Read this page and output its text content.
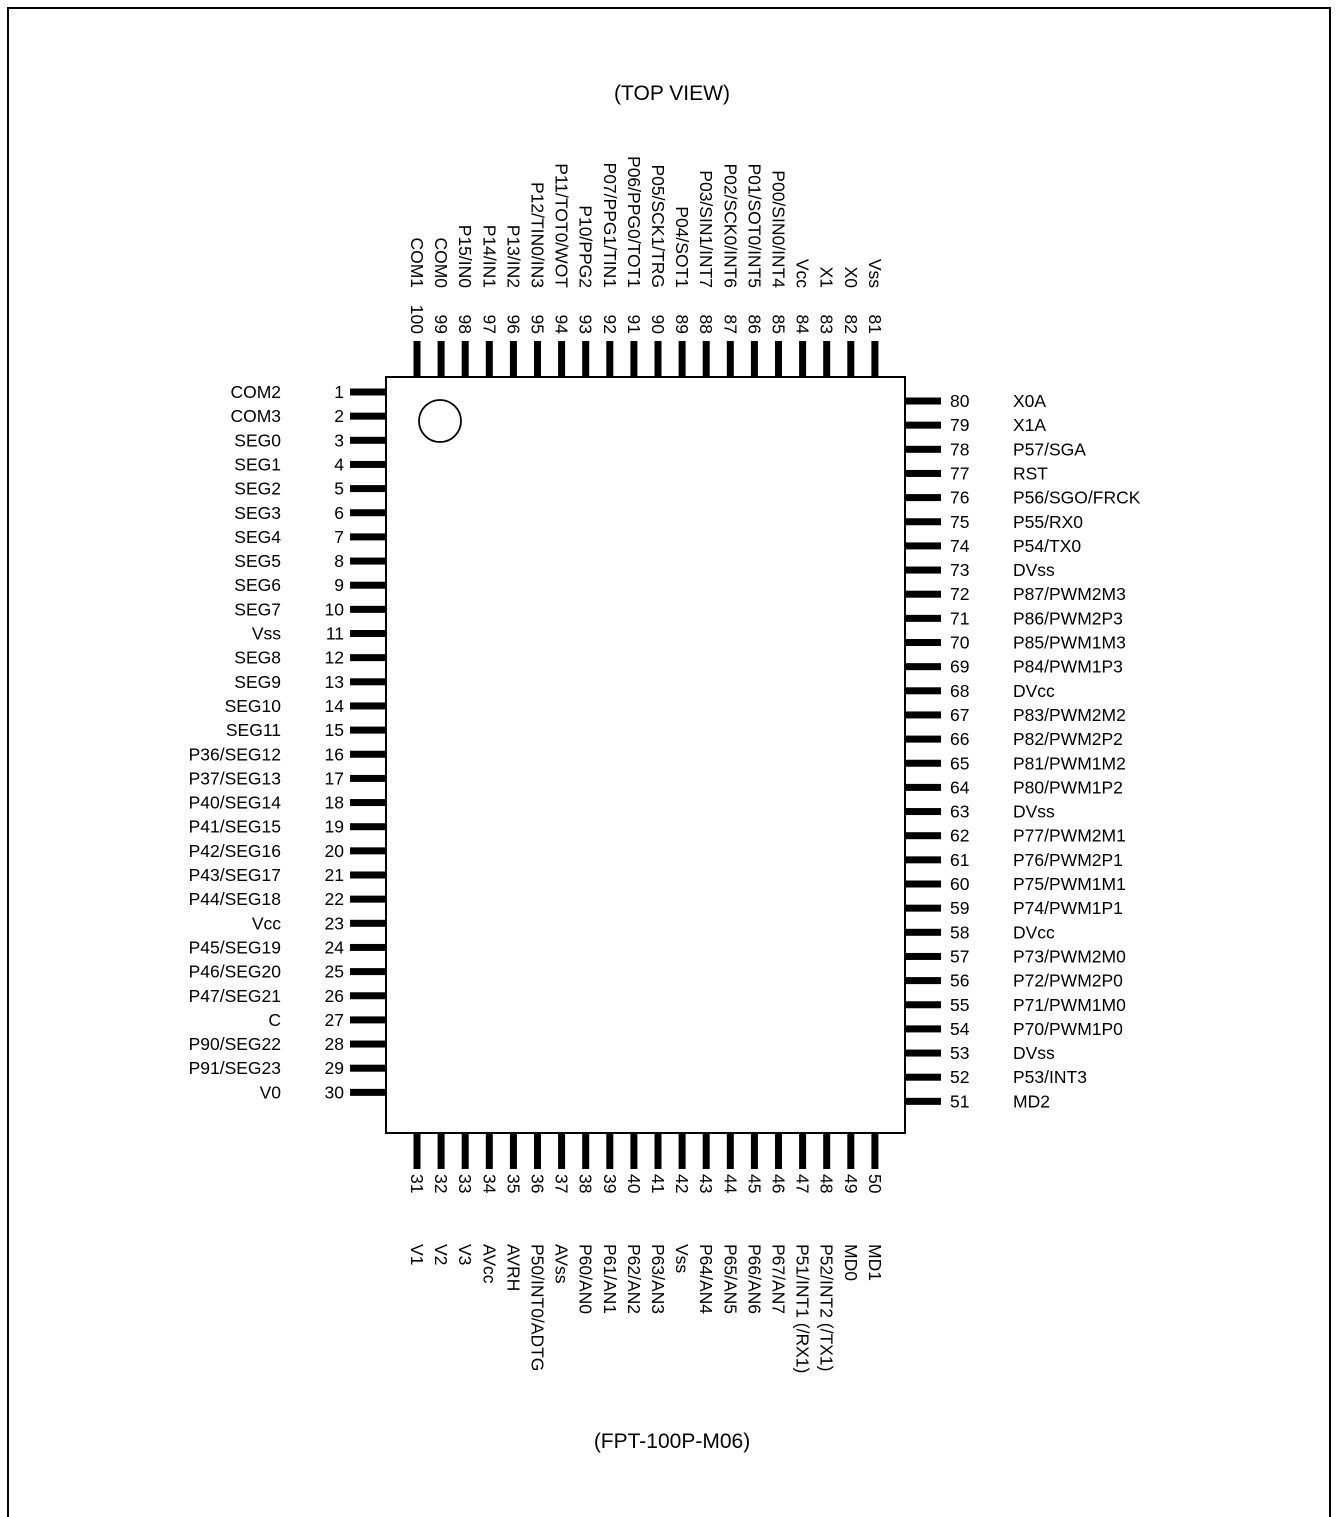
(TOP VIEW)
(FPT-100P-M06)
1
COM2
2
COM3
3
SEG0
4
SEG1
5
SEG2
6
SEG3
7
SEG4
8
SEG5
9
SEG6
10
SEG7
11
Vss
12
SEG8
13
SEG9
14
SEG10
15
SEG11
16
P36/SEG12
17
P37/SEG13
18
P40/SEG14
19
P41/SEG15
20
P42/SEG16
21
P43/SEG17
22
P44/SEG18
23
Vcc
24
P45/SEG19
25
P46/SEG20
26
P47/SEG21
27
C
28
P90/SEG22
29
P91/SEG23
30
V0
80 X0A
79 X1A
78 P57/SGA
77 RST
76 P56/SGO/FRCK
75 P55/RX0
74 P54/TX0
73 DVss
72 P87/PWM2M3
71 P86/PWM2P3
70 P85/PWM1M3
69 P84/PWM1P3
68 DVcc
67 P83/PWM2M2
66 P82/PWM2P2
65 P81/PWM1M2
64 P80/PWM1P2
63 DVss
62 P77/PWM2M1
61 P76/PWM2P1
60 P75/PWM1M1
59 P74/PWM1P1
58 DVcc
57 P73/PWM2M0
56 P72/PWM2P0
55 P71/PWM1M0
54 P70/PWM1P0
53 DVss
52 P53/INT3
51 MD2
100
COM1
99
COM0
98
P15/IN0
97
P14/IN1
96
P13/IN2
95
P12/TIN0/IN3
94
P11/TOT0/WOT
93
P10/PPG2
92
P07/PPG1/TIN1
91
P06/PPG0/TOT1
90
P05/SCK1/TRG
89
P04/SOT1
88
P03/SIN1/INT7
87
P02/SCK0/INT6
86
P01/SOT0/INT5
85
P00/SIN0/INT4
84
Vcc
83
X1
82
X0
81
Vss
31
V1
32
V2
33
V3
34
AVcc
35
AVRH
36
P50/INT0/ADTG
37
AVss
38
P60/AN0
39
P61/AN1
40
P62/AN2
41
P63/AN3
42
Vss
43
P64/AN4
44
P65/AN5
45
P66/AN6
46
P67/AN7
47
P51/INT1 (/RX1)
48
P52/INT2 (/TX1)
49
MD0
50
MD1
